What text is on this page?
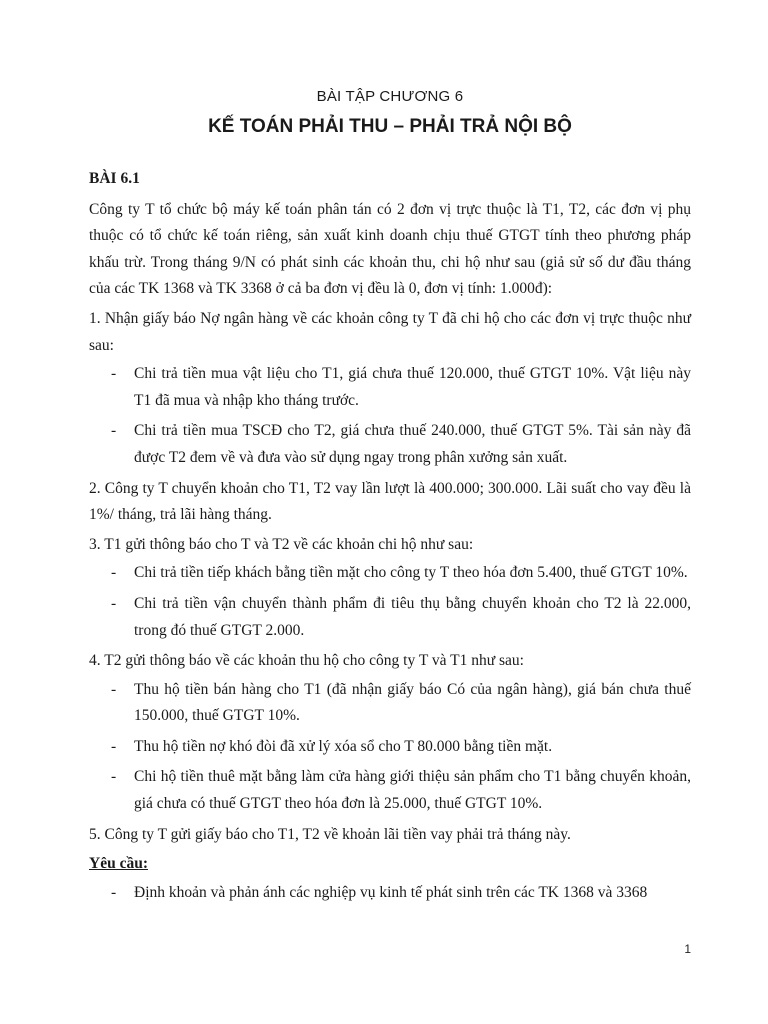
BÀI TẬP CHƯƠNG 6

KẾ TOÁN PHẢI THU – PHẢI TRẢ NỘI BỘ

BÀI 6.1

Công ty T tổ chức bộ máy kế toán phân tán có 2 đơn vị trực thuộc là T1, T2, các đơn vị phụ thuộc có tổ chức kế toán riêng, sản xuất kinh doanh chịu thuế GTGT tính theo phương pháp khấu trừ. Trong tháng 9/N có phát sinh các khoản thu, chi hộ như sau (giả sử số dư đầu tháng của các TK 1368 và TK 3368 ở cả ba đơn vị đều là 0, đơn vị tính: 1.000đ):

1. Nhận giấy báo Nợ ngân hàng về các khoản công ty T đã chi hộ cho các đơn vị trực thuộc như sau:

- Chi trả tiền mua vật liệu cho T1, giá chưa thuế 120.000, thuế GTGT 10%. Vật liệu này T1 đã mua và nhập kho tháng trước.
- Chi trả tiền mua TSCĐ cho T2, giá chưa thuế 240.000, thuế GTGT 5%. Tài sản này đã được T2 đem về và đưa vào sử dụng ngay trong phân xưởng sản xuất.

2. Công ty T chuyển khoản cho T1, T2 vay lần lượt là 400.000; 300.000. Lãi suất cho vay đều là 1%/ tháng, trả lãi hàng tháng.

3. T1 gửi thông báo cho T và T2 về các khoản chi hộ như sau:

- Chi trả tiền tiếp khách bằng tiền mặt cho công ty T theo hóa đơn 5.400, thuế GTGT 10%.
- Chi trả tiền vận chuyển thành phẩm đi tiêu thụ bằng chuyển khoản cho T2 là 22.000, trong đó thuế GTGT 2.000.

4. T2 gửi thông báo về các khoản thu hộ cho công ty T và T1 như sau:

- Thu hộ tiền bán hàng cho T1 (đã nhận giấy báo Có của ngân hàng), giá bán chưa thuế 150.000, thuế GTGT 10%.
- Thu hộ tiền nợ khó đòi đã xử lý xóa sổ cho T 80.000 bằng tiền mặt.
- Chi hộ tiền thuê mặt bằng làm cửa hàng giới thiệu sản phẩm cho T1 bằng chuyển khoản, giá chưa có thuế GTGT theo hóa đơn là 25.000, thuế GTGT 10%.

5. Công ty T gửi giấy báo cho T1, T2 về khoản lãi tiền vay phải trả tháng này.

Yêu cầu:

- Định khoản và phản ánh các nghiệp vụ kinh tế phát sinh trên các TK 1368 và 3368
1
